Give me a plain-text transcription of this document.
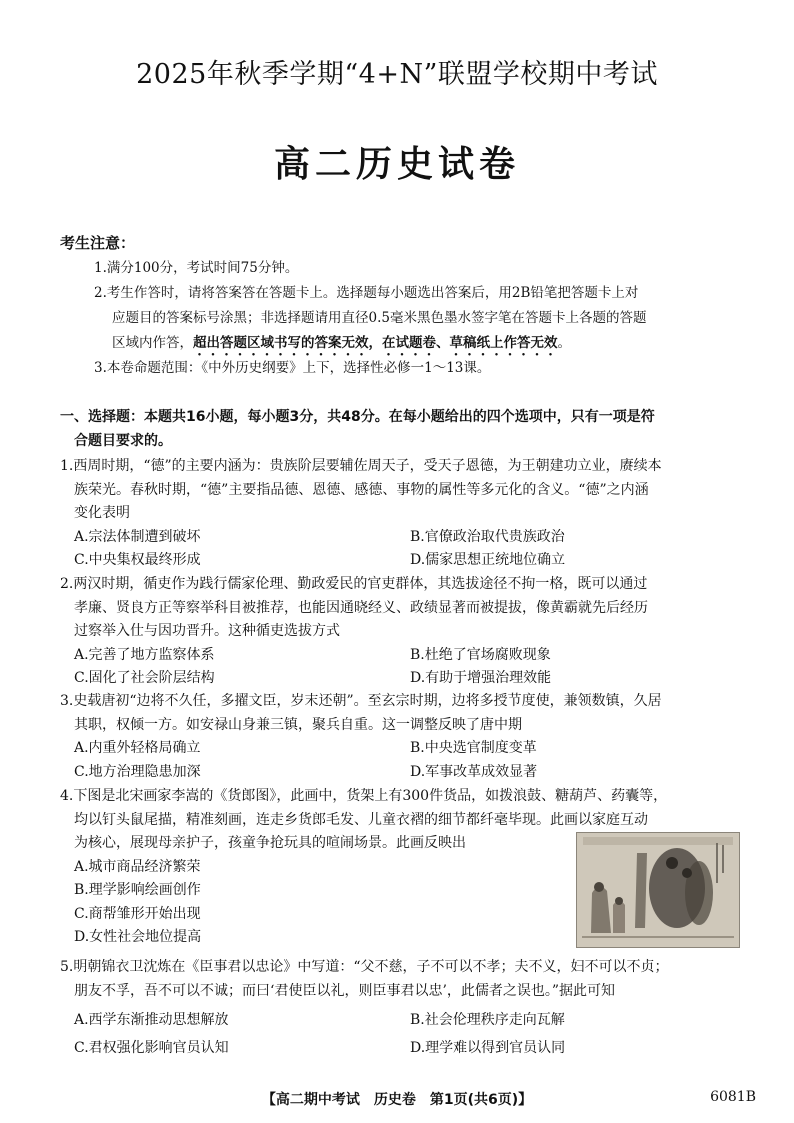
2025年秋季学期“4+N”联盟学校期中考试
高二历史试卷
考生注意：
1.满分100分，考试时间75分钟。
2.考生作答时，请将答案答在答题卡上。选择题每小题选出答案后，用2B铅笔把答题卡上对
应题目的答案标号涂黑；非选择题请用直径0.5毫米黑色墨水签字笔在答题卡上各题的答题
区域内作答，超出答题区域书写的答案无效，在试题卷、草稿纸上作答无效。
3.本卷命题范围：《中外历史纲要》上下，选择性必修一1～13课。
一、选择题：本题共16小题，每小题3分，共48分。在每小题给出的四个选项中，只有一项是符
合题目要求的。
1.西周时期，“德”的主要内涵为：贵族阶层要辅佐周天子，受天子恩德，为王朝建功立业，赓续本
族荣光。春秋时期，“德”主要指品德、恩德、感德、事物的属性等多元化的含义。“德”之内涵
变化表明
A.宗法体制遭到破坏	B.官僚政治取代贵族政治
C.中央集权最终形成	D.儒家思想正统地位确立
2.两汉时期，循吏作为践行儒家伦理、勤政爱民的官吏群体，其选拔途径不拘一格，既可以通过
孝廉、贤良方正等察举科目被推荐，也能因通晓经义、政绩显著而被提拔，像黄霸就先后经历
过察举入仕与因功晋升。这种循吏选拔方式
A.完善了地方监察体系	B.杜绝了官场腐败现象
C.固化了社会阶层结构	D.有助于增强治理效能
3.史载唐初“边将不久任，多擢文臣，岁末还朝”。至玄宗时期，边将多授节度使，兼领数镇，久居
其职，权倾一方。如安禄山身兼三镇，聚兵自重。这一调整反映了唐中期
A.内重外轻格局确立	B.中央选官制度变革
C.地方治理隐患加深	D.军事改革成效显著
4.下图是北宋画家李嵩的《货郎图》，此画中，货架上有300件货品，如拨浪鼓、糖葫芦、药囊等，
均以钉头鼠尾描，精准刻画，连走乡货郎毛发、儿童衣褶的细节都纤毫毕现。此画以家庭互动
为核心，展现母亲护子，孩童争抢玩具的喧闹场景。此画反映出
A.城市商品经济繁荣
B.理学影响绘画创作
C.商帮雏形开始出现
D.女性社会地位提高
5.明朝锦衣卫沈炼在《臣事君以忠论》中写道：“父不慈，子不可以不孝；夫不义，妇不可以不贞；
朋友不孚，吾不可以不诚；而曰‘君使臣以礼，则臣事君以忠’，此儒者之误也。”据此可知
A.西学东渐推动思想解放	B.社会伦理秩序走向瓦解
C.君权强化影响官员认知	D.理学难以得到官员认同
【高二期中考试　历史卷　第1页(共6页)】	6081B
